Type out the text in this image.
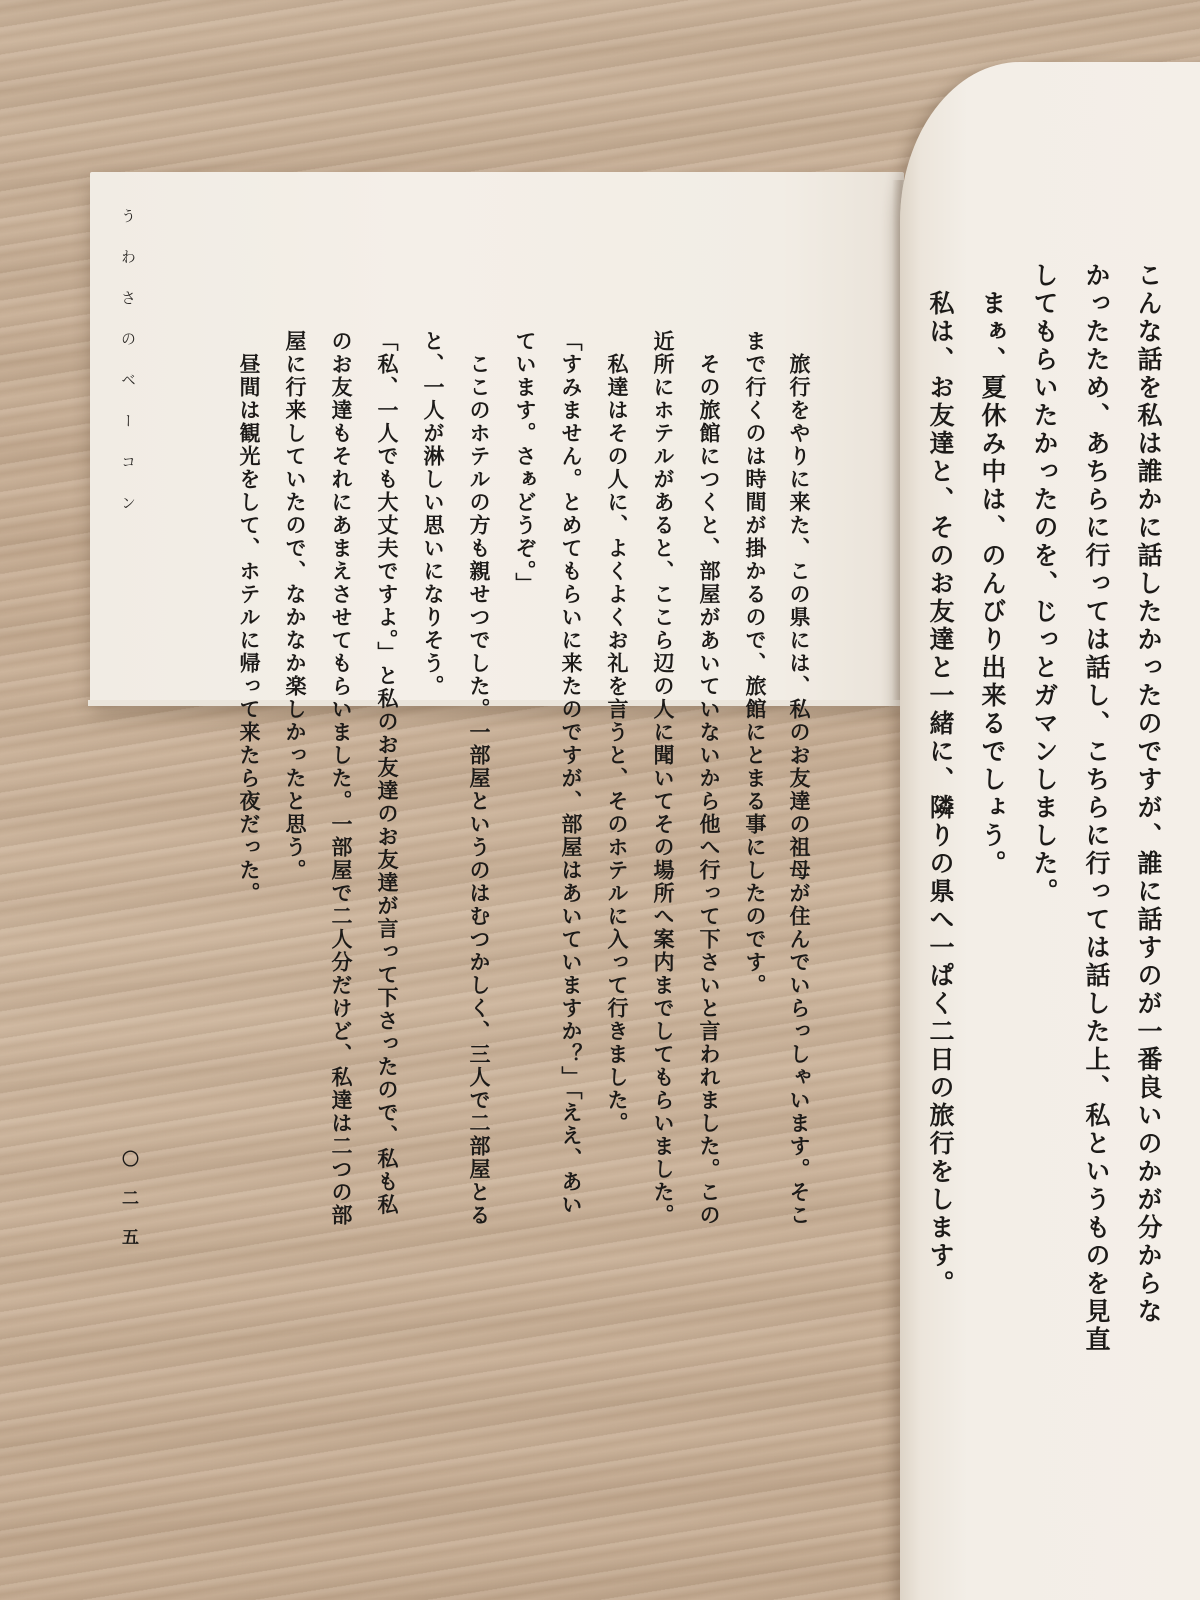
うわさのベーコン
〇二五	　旅行をやりに来た、この県には、私のお友達の祖母が住んでいらっしゃいます。そこ
まで行くのは時間が掛かるので、旅館にとまる事にしたのです。
　その旅館につくと、部屋があいていないから他へ行って下さいと言われました。この
近所にホテルがあると、ここら辺の人に聞いてその場所へ案内までしてもらいました。
　私達はその人に、よくよくお礼を言うと、そのホテルに入って行きました。
「すみません。とめてもらいに来たのですが、部屋はあいていますか？」「ええ、あい
ています。さぁどうぞ。」
　ここのホテルの方も親せつでした。一部屋というのはむつかしく、三人で二部屋とる
と、一人が淋しい思いになりそう。
「私、一人でも大丈夫ですよ。」と私のお友達のお友達が言って下さったので、私も私
のお友達もそれにあまえさせてもらいました。一部屋で二人分だけど、私達は二つの部
屋に行来していたので、なかなか楽しかったと思う。
　昼間は観光をして、ホテルに帰って来たら夜だった。	こんな話を私は誰かに話したかったのですが、誰に話すのが一番良いのかが分からな
かったため、あちらに行っては話し、こちらに行っては話した上、私というものを見直
してもらいたかったのを、じっとガマンしました。
　まぁ、夏休み中は、のんびり出来るでしょう。
　私は、お友達と、そのお友達と一緒に、隣りの県へ一ぱく二日の旅行をします。
